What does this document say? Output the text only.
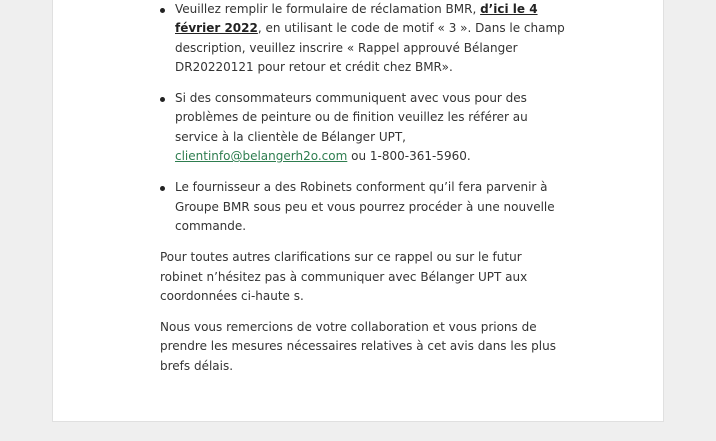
Veuillez remplir le formulaire de réclamation BMR, d’ici le 4 février 2022, en utilisant le code de motif « 3 ». Dans le champ description, veuillez inscrire « Rappel approuvé Bélanger DR20220121 pour retour et crédit chez BMR».
Si des consommateurs communiquent avec vous pour des problèmes de peinture ou de finition veuillez les référer au service à la clientèle de Bélanger UPT, clientinfo@belangerh2o.com ou 1-800-361-5960.
Le fournisseur a des Robinets conforment qu’il fera parvenir à Groupe BMR sous peu et vous pourrez procéder à une nouvelle commande.

Pour toutes autres clarifications sur ce rappel ou sur le futur robinet n’hésitez pas à communiquer avec Bélanger UPT aux coordonnées ci-haute s.

Nous vous remercions de votre collaboration et vous prions de prendre les mesures nécessaires relatives à cet avis dans les plus brefs délais.
